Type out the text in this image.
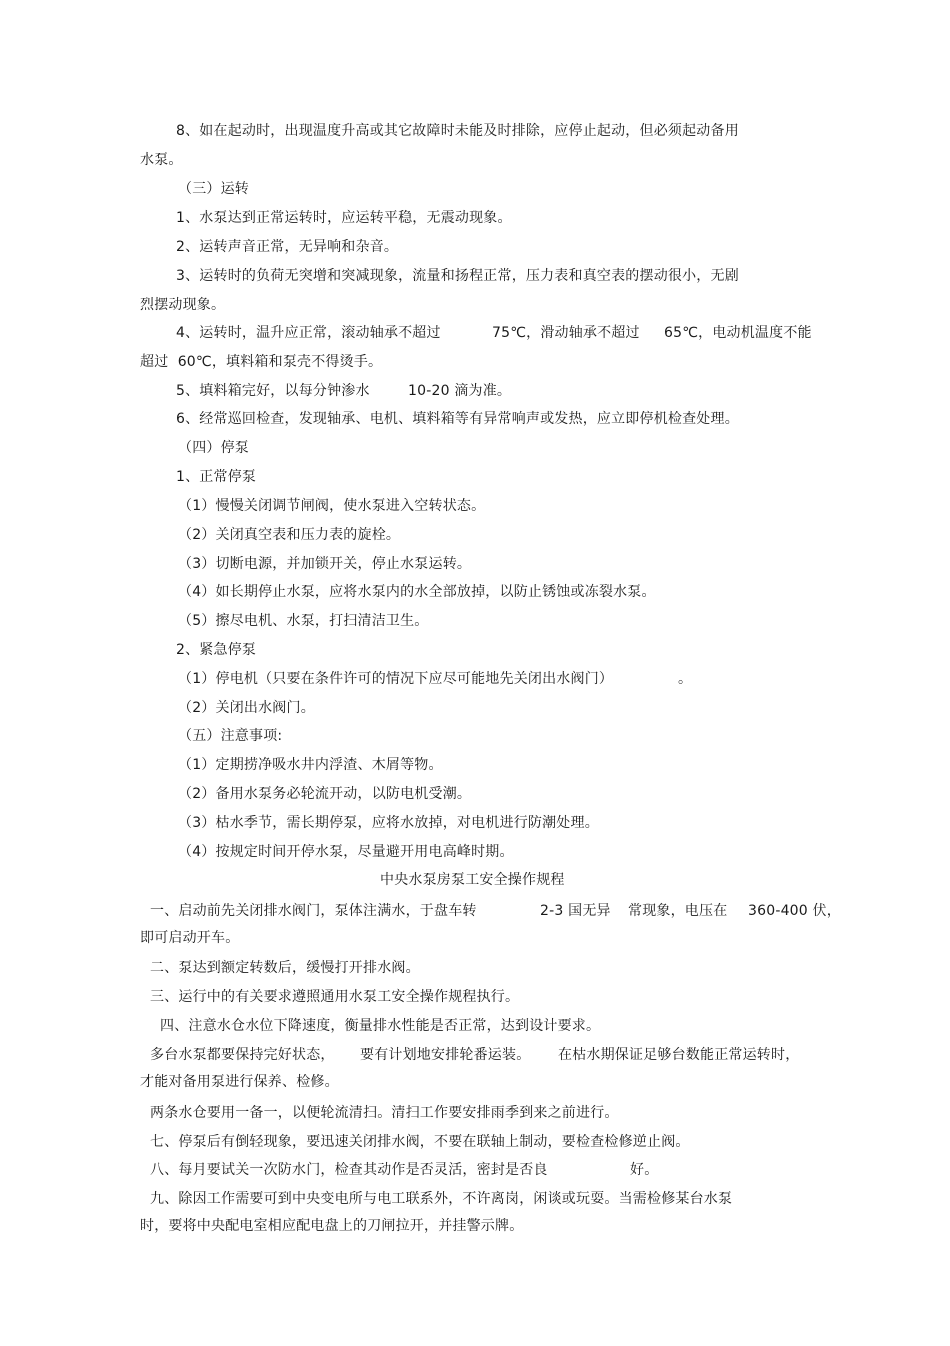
8、如在起动时，出现温度升高或其它故障时未能及时排除，应停止起动，但必须起动备用
水泵。
（三）运转
1、水泵达到正常运转时，应运转平稳，无震动现象。
2、运转声音正常，无异响和杂音。
3、运转时的负荷无突增和突减现象，流量和扬程正常，压力表和真空表的摆动很小，无剧
烈摆动现象。
4、运转时，温升应正常，滚动轴承不超过	75℃，滑动轴承不超过 65℃，电动机温度不能
超过  60℃，填料箱和泵壳不得烫手。
5、填料箱完好，以每分钟渗水	10-20 滴为准。
6、经常巡回检查，发现轴承、电机、填料箱等有异常响声或发热，应立即停机检查处理。
（四）停泵
1、正常停泵
（1）慢慢关闭调节闸阀，使水泵进入空转状态。
（2）关闭真空表和压力表的旋栓。
（3）切断电源，并加锁开关，停止水泵运转。
（4）如长期停止水泵，应将水泵内的水全部放掉，以防止锈蚀或冻裂水泵。
（5）擦尽电机、水泵，打扫清洁卫生。
2、紧急停泵
（1）停电机（只要在条件许可的情况下应尽可能地先关闭出水阀门）	。
（2）关闭出水阀门。
（五）注意事项:
（1）定期捞净吸水井内浮渣、木屑等物。
（2）备用水泵务必轮流开动，以防电机受潮。
（3）枯水季节，需长期停泵，应将水放掉，对电机进行防潮处理。
（4）按规定时间开停水泵，尽量避开用电高峰时期。
中央水泵房泵工安全操作规程
一、启动前先关闭排水阀门，泵体注满水，于盘车转	2-3 国无异 常现象，电压在 360-400 伏，
即可启动开车。
二、泵达到额定转数后，缓慢打开排水阀。
三、运行中的有关要求遵照通用水泵工安全操作规程执行。
四、注意水仓水位下降速度，衡量排水性能是否正常，达到设计要求。
多台水泵都要保持完好状态， 要有计划地安排轮番运装。 在枯水期保证足够台数能正常运转时，
才能对备用泵进行保养、检修。
两条水仓要用一备一，以便轮流清扫。清扫工作要安排雨季到来之前进行。
七、停泵后有倒轻现象，要迅速关闭排水阀，不要在联轴上制动，要检查检修逆止阀。
八、每月要试关一次防水门，检查其动作是否灵活，密封是否良	好。
九、除因工作需要可到中央变电所与电工联系外，不许离岗，闲谈或玩耍。当需检修某台水泵
时，要将中央配电室相应配电盘上的刀闸拉开，并挂警示牌。
